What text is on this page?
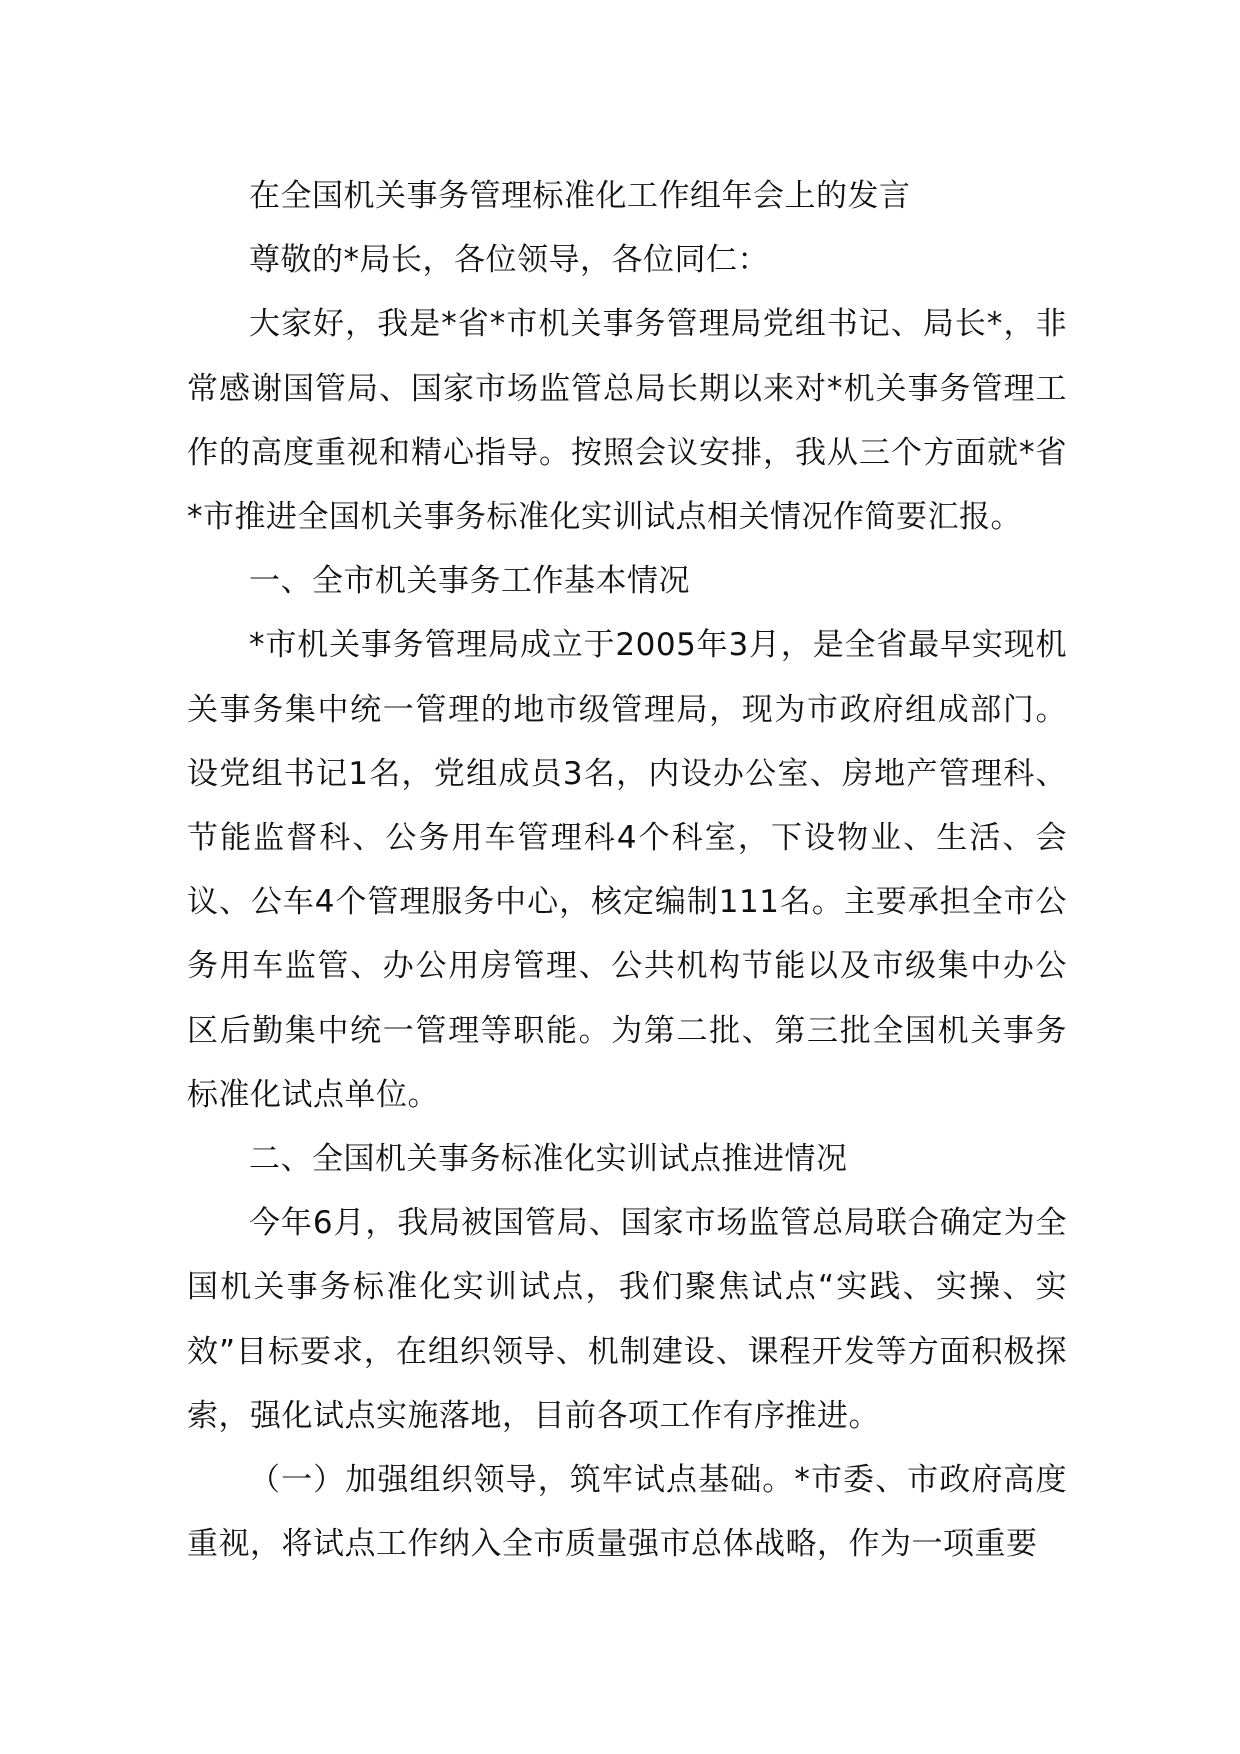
在全国机关事务管理标准化工作组年会上的发言

尊敬的*局长，各位领导，各位同仁：

大家好，我是*省*市机关事务管理局党组书记、局长*，非常感谢国管局、国家市场监管总局长期以来对*机关事务管理工作的高度重视和精心指导。按照会议安排，我从三个方面就*省*市推进全国机关事务标准化实训试点相关情况作简要汇报。

一、全市机关事务工作基本情况

*市机关事务管理局成立于2005年3月，是全省最早实现机关事务集中统一管理的地市级管理局，现为市政府组成部门。设党组书记1名，党组成员3名，内设办公室、房地产管理科、节能监督科、公务用车管理科4个科室，下设物业、生活、会议、公车4个管理服务中心，核定编制111名。主要承担全市公务用车监管、办公用房管理、公共机构节能以及市级集中办公区后勤集中统一管理等职能。为第二批、第三批全国机关事务标准化试点单位。

二、全国机关事务标准化实训试点推进情况

今年6月，我局被国管局、国家市场监管总局联合确定为全国机关事务标准化实训试点，我们聚焦试点“实践、实操、实效”目标要求，在组织领导、机制建设、课程开发等方面积极探索，强化试点实施落地，目前各项工作有序推进。

（一）加强组织领导，筑牢试点基础。*市委、市政府高度重视，将试点工作纳入全市质量强市总体战略，作为一项重要
